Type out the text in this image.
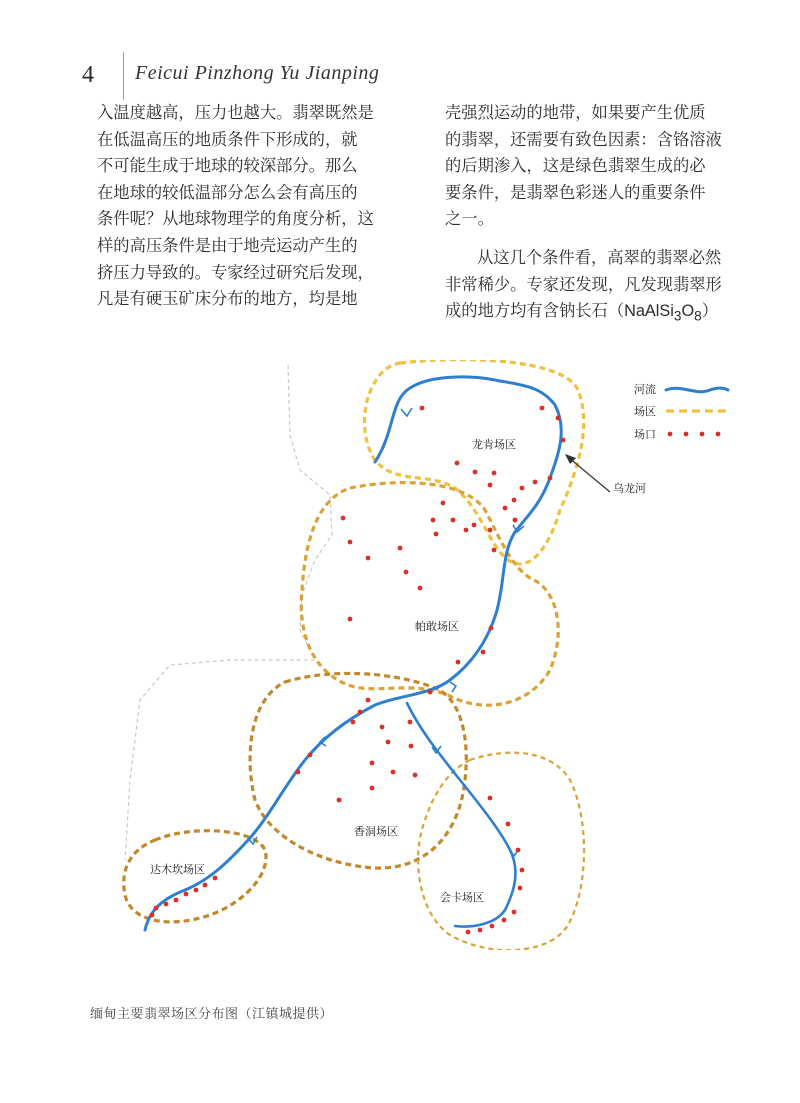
4 Feicui Pinzhong Yu Jianping
入温度越高，压力也越大。翡翠既然是
在低温高压的地质条件下形成的，就
不可能生成于地球的较深部分。那么
在地球的较低温部分怎么会有高压的
条件呢？从地球物理学的角度分析，这
样的高压条件是由于地壳运动产生的
挤压力导致的。专家经过研究后发现，
凡是有硬玉矿床分布的地方，均是地
壳强烈运动的地带，如果要产生优质
的翡翠，还需要有致色因素：含铬溶液
的后期渗入，这是绿色翡翠生成的必
要条件，是翡翠色彩迷人的重要条件
之一。
从这几个条件看，高翠的翡翠必然
非常稀少。专家还发现，凡发现翡翠形
成的地方均有含钠长石$(NaAlSi_3O_8)$
龙肯场区
乌龙河
帕敢场区
香洞场区
达木坎场区
会卡场区
河流
场区
场口
缅甸主要翡翠场区分布图（江镇城提供）
